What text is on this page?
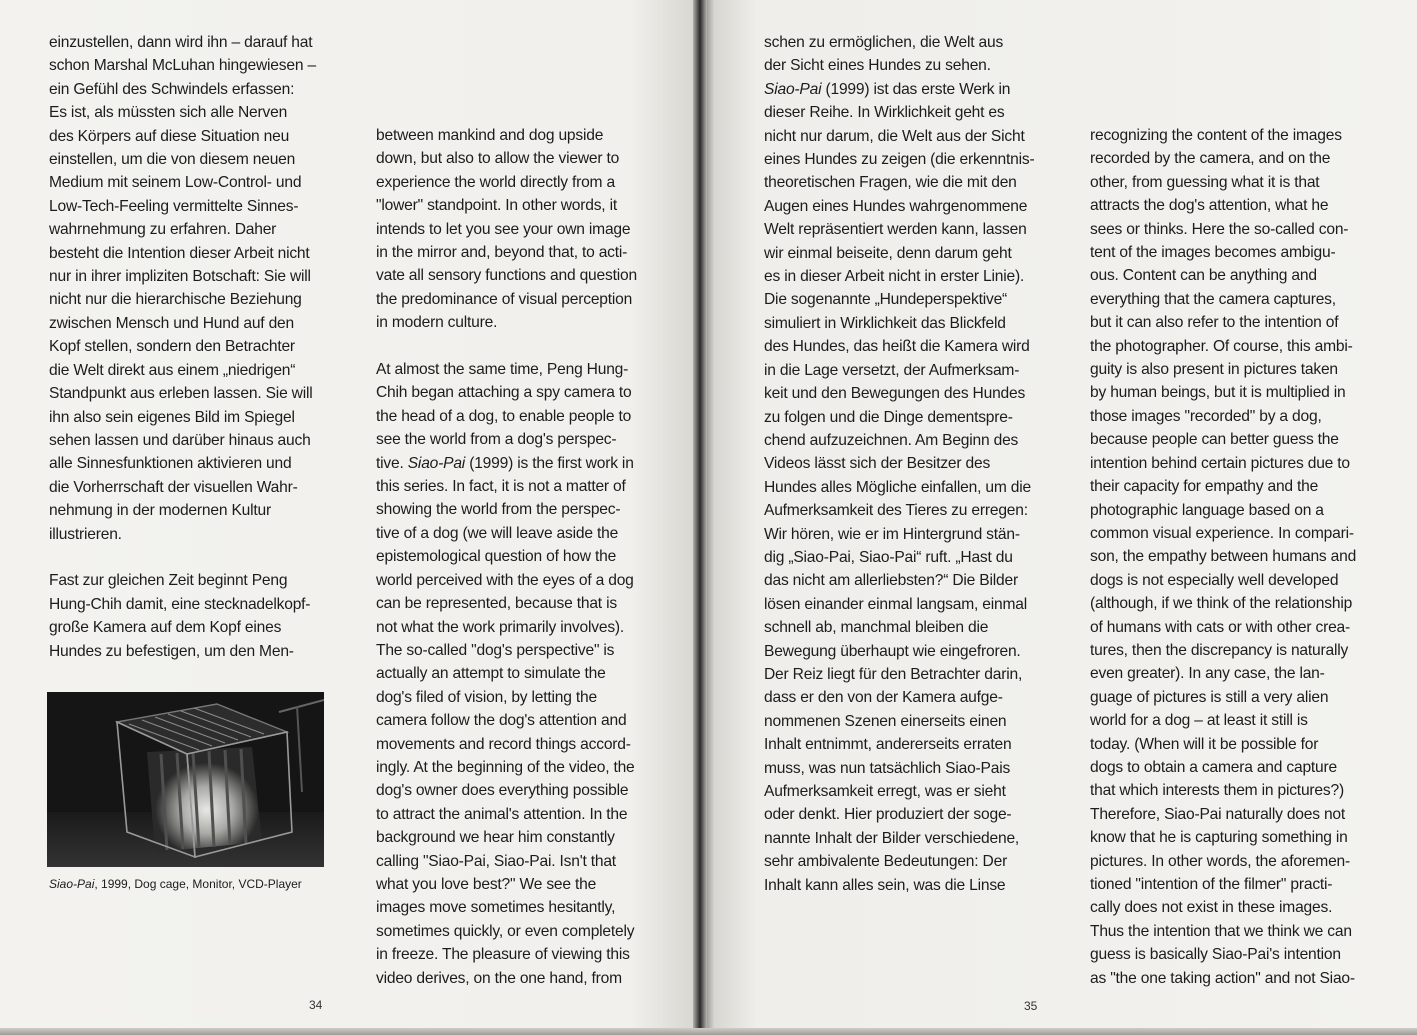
einzustellen, dann wird ihn – darauf hat
schon Marshal McLuhan hingewiesen –
ein Gefühl des Schwindels erfassen:
Es ist, als müssten sich alle Nerven
des Körpers auf diese Situation neu
einstellen, um die von diesem neuen
Medium mit seinem Low-Control- und
Low-Tech-Feeling vermittelte Sinnes-
wahrnehmung zu erfahren. Daher
besteht die Intention dieser Arbeit nicht
nur in ihrer impliziten Botschaft: Sie will
nicht nur die hierarchische Beziehung
zwischen Mensch und Hund auf den
Kopf stellen, sondern den Betrachter
die Welt direkt aus einem „niedrigen“
Standpunkt aus erleben lassen. Sie will
ihn also sein eigenes Bild im Spiegel
sehen lassen und darüber hinaus auch
alle Sinnesfunktionen aktivieren und
die Vorherrschaft der visuellen Wahr-
nehmung in der modernen Kultur
illustrieren.

Fast zur gleichen Zeit beginnt Peng
Hung-Chih damit, eine stecknadelkopf-
große Kamera auf dem Kopf eines
Hundes zu befestigen, um den Men-

between mankind and dog upside
down, but also to allow the viewer to
experience the world directly from a
"lower" standpoint. In other words, it
intends to let you see your own image
in the mirror and, beyond that, to acti-
vate all sensory functions and question
the predominance of visual perception
in modern culture.

At almost the same time, Peng Hung-
Chih began attaching a spy camera to
the head of a dog, to enable people to
see the world from a dog's perspec-
tive. Siao-Pai (1999) is the first work in
this series. In fact, it is not a matter of
showing the world from the perspec-
tive of a dog (we will leave aside the
epistemological question of how the
world perceived with the eyes of a dog
can be represented, because that is
not what the work primarily involves).
The so-called "dog's perspective" is
actually an attempt to simulate the
dog's filed of vision, by letting the
camera follow the dog's attention and
movements and record things accord-
ingly. At the beginning of the video, the
dog's owner does everything possible
to attract the animal's attention. In the
background we hear him constantly
calling "Siao-Pai, Siao-Pai. Isn't that
what you love best?" We see the
images move sometimes hesitantly,
sometimes quickly, or even completely
in freeze. The pleasure of viewing this
video derives, on the one hand, from

schen zu ermöglichen, die Welt aus
der Sicht eines Hundes zu sehen.
Siao-Pai (1999) ist das erste Werk in
dieser Reihe. In Wirklichkeit geht es
nicht nur darum, die Welt aus der Sicht
eines Hundes zu zeigen (die erkenntnis-
theoretischen Fragen, wie die mit den
Augen eines Hundes wahrgenommene
Welt repräsentiert werden kann, lassen
wir einmal beiseite, denn darum geht
es in dieser Arbeit nicht in erster Linie).
Die sogenannte „Hundeperspektive“
simuliert in Wirklichkeit das Blickfeld
des Hundes, das heißt die Kamera wird
in die Lage versetzt, der Aufmerksam-
keit und den Bewegungen des Hundes
zu folgen und die Dinge dementspre-
chend aufzuzeichnen. Am Beginn des
Videos lässt sich der Besitzer des
Hundes alles Mögliche einfallen, um die
Aufmerksamkeit des Tieres zu erregen:
Wir hören, wie er im Hintergrund stän-
dig „Siao-Pai, Siao-Pai“ ruft. „Hast du
das nicht am allerliebsten?“ Die Bilder
lösen einander einmal langsam, einmal
schnell ab, manchmal bleiben die
Bewegung überhaupt wie eingefroren.
Der Reiz liegt für den Betrachter darin,
dass er den von der Kamera aufge-
nommenen Szenen einerseits einen
Inhalt entnimmt, andererseits erraten
muss, was nun tatsächlich Siao-Pais
Aufmerksamkeit erregt, was er sieht
oder denkt. Hier produziert der soge-
nannte Inhalt der Bilder verschiedene,
sehr ambivalente Bedeutungen: Der
Inhalt kann alles sein, was die Linse

recognizing the content of the images
recorded by the camera, and on the
other, from guessing what it is that
attracts the dog's attention, what he
sees or thinks. Here the so-called con-
tent of the images becomes ambigu-
ous. Content can be anything and
everything that the camera captures,
but it can also refer to the intention of
the photographer. Of course, this ambi-
guity is also present in pictures taken
by human beings, but it is multiplied in
those images "recorded" by a dog,
because people can better guess the
intention behind certain pictures due to
their capacity for empathy and the
photographic language based on a
common visual experience. In compari-
son, the empathy between humans and
dogs is not especially well developed
(although, if we think of the relationship
of humans with cats or with other crea-
tures, then the discrepancy is naturally
even greater). In any case, the lan-
guage of pictures is still a very alien
world for a dog – at least it still is
today. (When will it be possible for
dogs to obtain a camera and capture
that which interests them in pictures?)
Therefore, Siao-Pai naturally does not
know that he is capturing something in
pictures. In other words, the aforemen-
tioned "intention of the filmer" practi-
cally does not exist in these images.
Thus the intention that we think we can
guess is basically Siao-Pai's intention
as "the one taking action" and not Siao-

Siao-Pai, 1999, Dog cage, Monitor, VCD-Player
34	35
